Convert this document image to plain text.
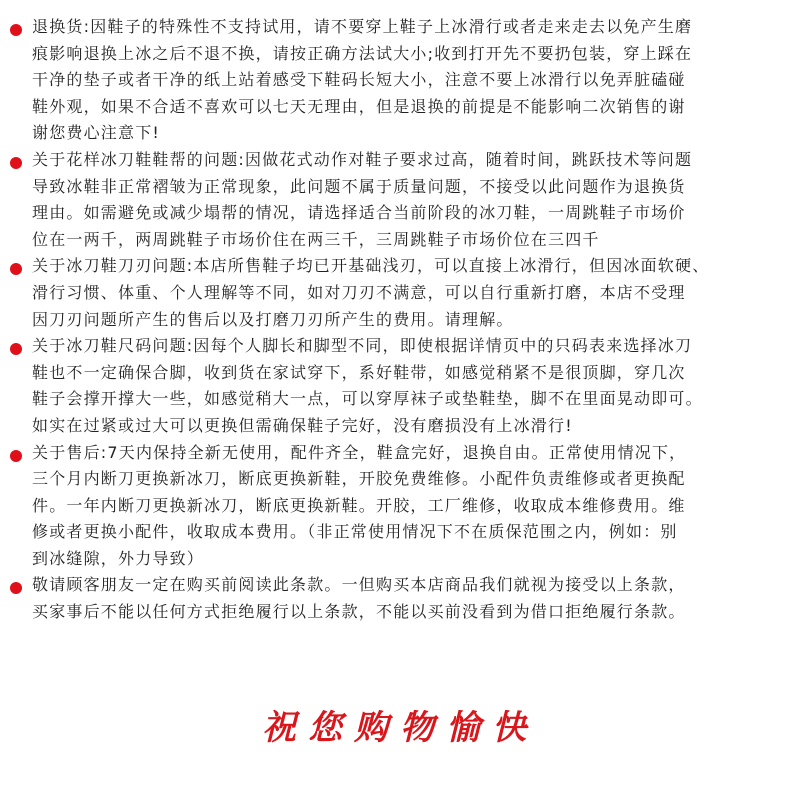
退换货:因鞋子的特殊性不支持试用，请不要穿上鞋子上冰滑行或者走来走去以免产生磨
痕影响退换上冰之后不退不换，请按正确方法试大小;收到打开先不要扔包装，穿上踩在
干净的垫子或者干净的纸上站着感受下鞋码长短大小，注意不要上冰滑行以免弄脏磕碰
鞋外观，如果不合适不喜欢可以七天无理由，但是退换的前提是不能影响二次销售的谢
谢您费心注意下!
关于花样冰刀鞋鞋帮的问题:因做花式动作对鞋子要求过高，随着时间，跳跃技术等问题
导致冰鞋非正常褶皱为正常现象，此问题不属于质量问题，不接受以此问题作为退换货
理由。如需避免或减少塌帮的情况，请选择适合当前阶段的冰刀鞋，一周跳鞋子市场价
位在一两千，两周跳鞋子市场价住在两三千，三周跳鞋子市场价位在三四千
关于冰刀鞋刀刃问题:本店所售鞋子均已开基础浅刃，可以直接上冰滑行，但因冰面软硬、
滑行习惯、体重、个人理解等不同，如对刀刃不满意，可以自行重新打磨，本店不受理
因刀刃问题所产生的售后以及打磨刀刃所产生的费用。请理解。
关于冰刀鞋尺码问题:因每个人脚长和脚型不同，即使根据详情页中的只码表来选择冰刀
鞋也不一定确保合脚，收到货在家试穿下，系好鞋带，如感觉稍紧不是很顶脚，穿几次
鞋子会撑开撑大一些，如感觉稍大一点，可以穿厚袜子或垫鞋垫，脚不在里面晃动即可。
如实在过紧或过大可以更换但需确保鞋子完好，没有磨损没有上冰滑行!
关于售后:7天内保持全新无使用，配件齐全，鞋盒完好，退换自由。正常使用情况下，
三个月内断刀更换新冰刀，断底更换新鞋，开胶免费维修。小配件负责维修或者更换配
件。一年内断刀更换新冰刀，断底更换新鞋。开胶，工厂维修，收取成本维修费用。维
修或者更换小配件，收取成本费用。（非正常使用情况下不在质保范围之内，例如：别
到冰缝隙，外力导致）
敬请顾客朋友一定在购买前阅读此条款。一但购买本店商品我们就视为接受以上条款，
买家事后不能以任何方式拒绝履行以上条款，不能以买前没看到为借口拒绝履行条款。
祝您购物愉快
